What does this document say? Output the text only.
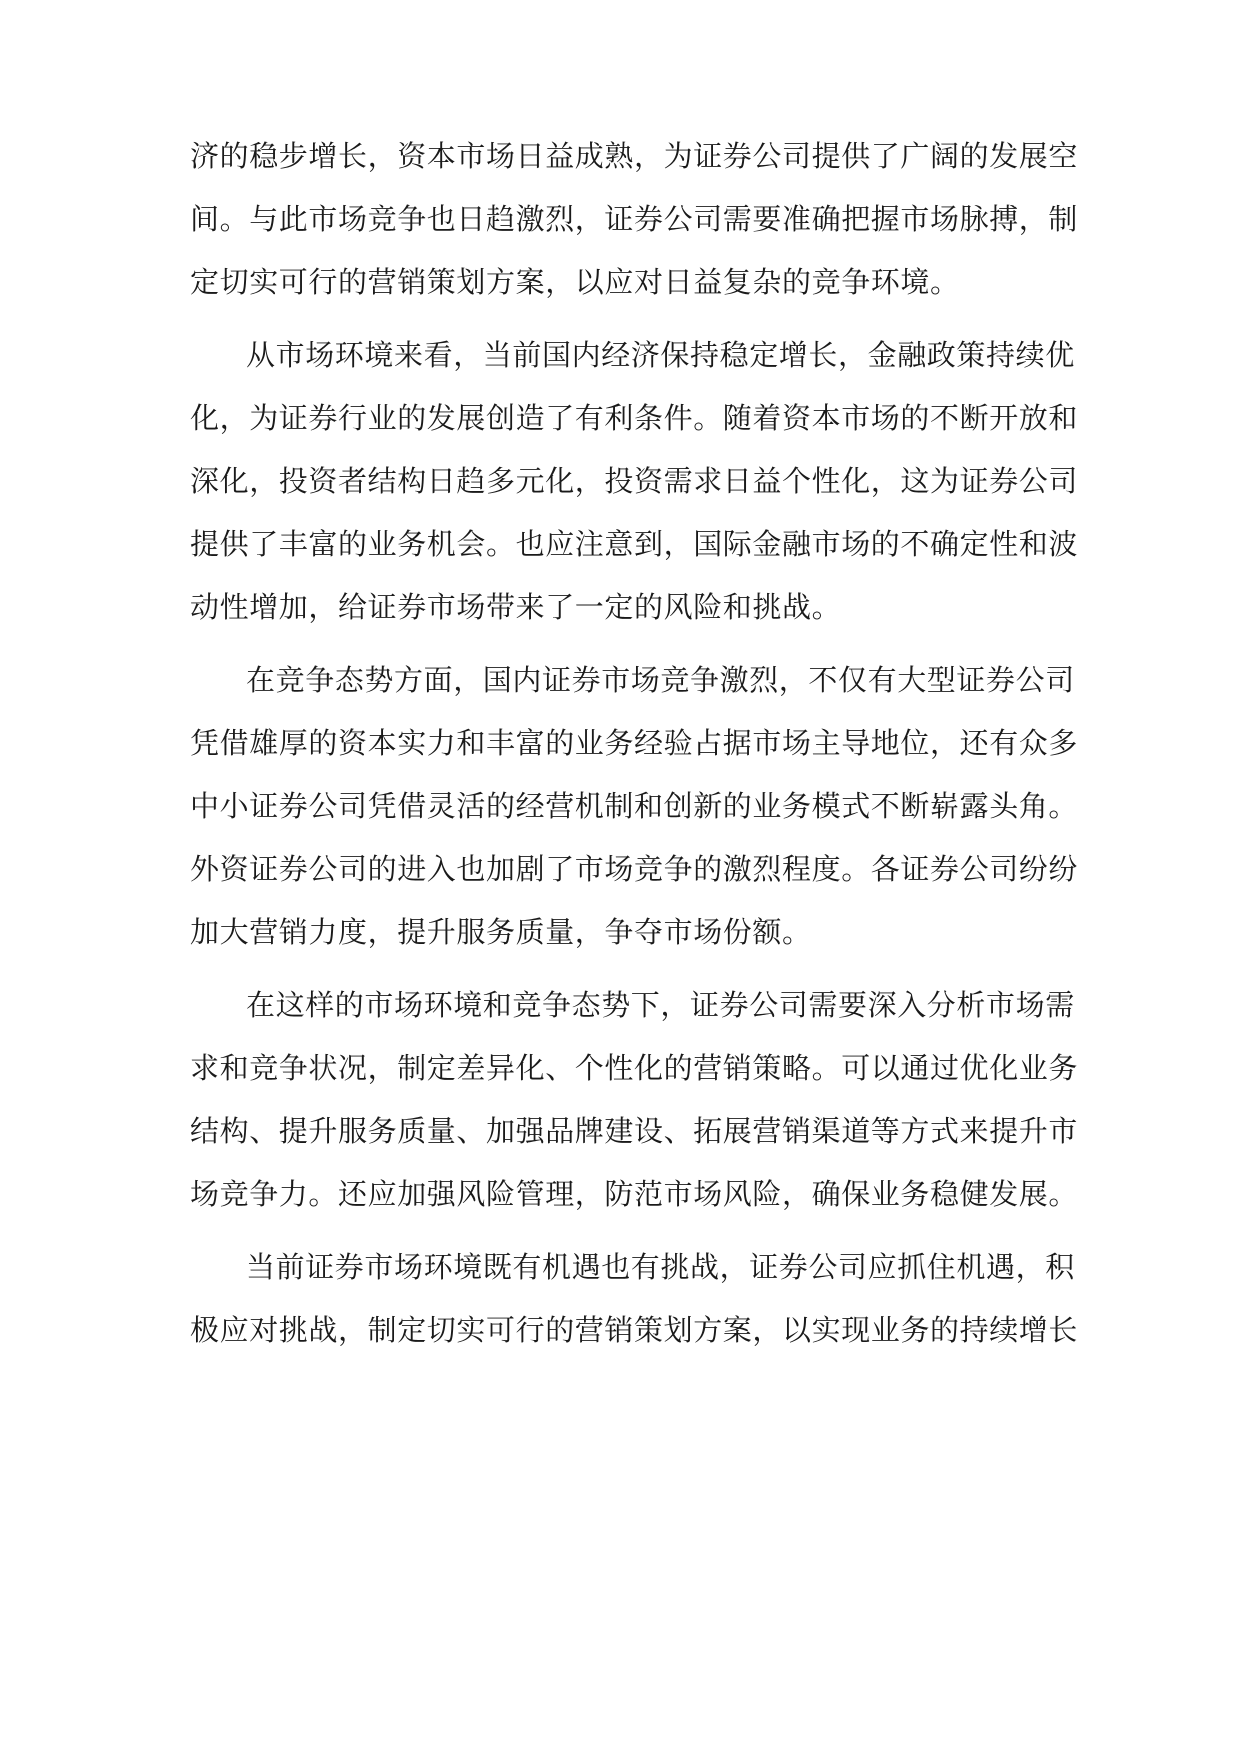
济的稳步增长，资本市场日益成熟，为证券公司提供了广阔的发展空

间。与此市场竞争也日趋激烈，证券公司需要准确把握市场脉搏，制

定切实可行的营销策划方案，以应对日益复杂的竞争环境。

从市场环境来看，当前国内经济保持稳定增长，金融政策持续优

化，为证券行业的发展创造了有利条件。随着资本市场的不断开放和

深化，投资者结构日趋多元化，投资需求日益个性化，这为证券公司

提供了丰富的业务机会。也应注意到，国际金融市场的不确定性和波

动性增加，给证券市场带来了一定的风险和挑战。

在竞争态势方面，国内证券市场竞争激烈，不仅有大型证券公司

凭借雄厚的资本实力和丰富的业务经验占据市场主导地位，还有众多

中小证券公司凭借灵活的经营机制和创新的业务模式不断崭露头角。

外资证券公司的进入也加剧了市场竞争的激烈程度。各证券公司纷纷

加大营销力度，提升服务质量，争夺市场份额。

在这样的市场环境和竞争态势下，证券公司需要深入分析市场需

求和竞争状况，制定差异化、个性化的营销策略。可以通过优化业务

结构、提升服务质量、加强品牌建设、拓展营销渠道等方式来提升市

场竞争力。还应加强风险管理，防范市场风险，确保业务稳健发展。

当前证券市场环境既有机遇也有挑战，证券公司应抓住机遇，积

极应对挑战，制定切实可行的营销策划方案，以实现业务的持续增长
